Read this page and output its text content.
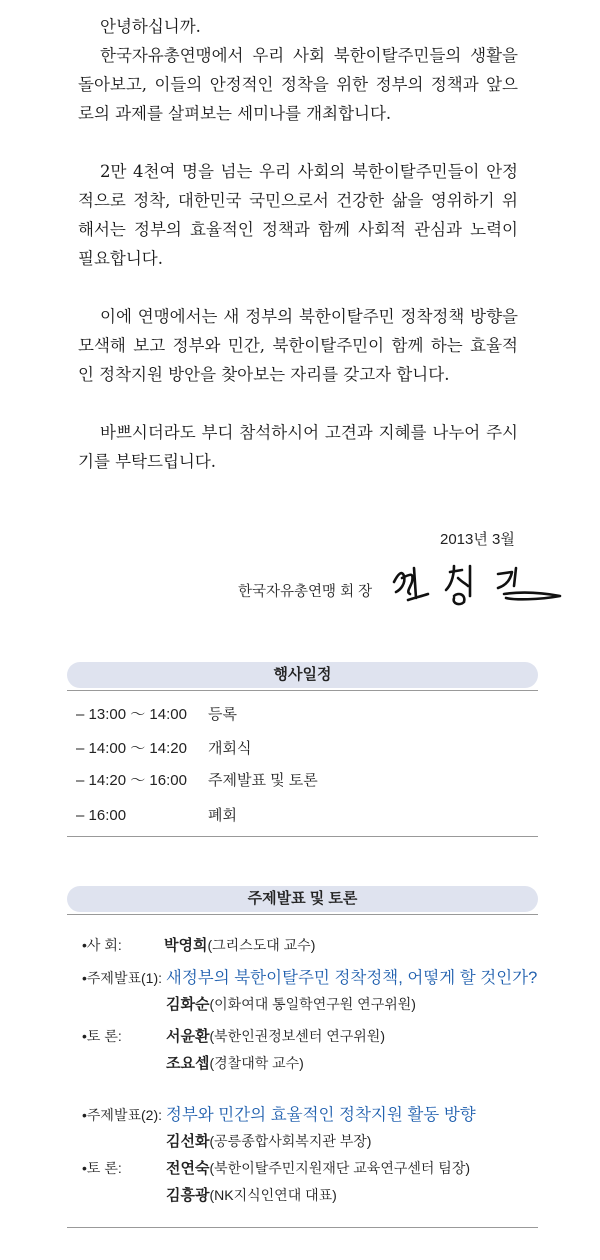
안녕하십니까.

한국자유총연맹에서 우리 사회 북한이탈주민들의 생활을 돌아보고, 이들의 안정적인 정착을 위한 정부의 정책과 앞으로의 과제를 살펴보는 세미나를 개최합니다.

2만 4천여 명을 넘는 우리 사회의 북한이탈주민들이 안정적으로 정착, 대한민국 국민으로서 건강한 삶을 영위하기 위해서는 정부의 효율적인 정책과 함께 사회적 관심과 노력이 필요합니다.

이에 연맹에서는 새 정부의 북한이탈주민 정착정책 방향을 모색해 보고 정부와 민간, 북한이탈주민이 함께 하는 효율적인 정착지원 방안을 찾아보는 자리를 갖고자 합니다.

바쁘시더라도 부디 참석하시어 고견과 지혜를 나누어 주시기를 부탁드립니다.

2013년 3월
한국자유총연맹 회 장
행사일정
– 13:00 ～ 14:00 등록
– 14:00 ～ 14:20 개회식
– 14:20 ～ 16:00 주제발표 및 토론
– 16:00	폐회
주제발표 및 토론
•사 회:	박영희(그리스도대 교수)
•주제발표(1): 새정부의 북한이탈주민 정착정책, 어떻게 할 것인가?
김화순(이화여대 통일학연구원 연구위원)
•토 론:	서윤환(북한인권정보센터 연구위원)
조요셉(경찰대학 교수)
•주제발표(2): 정부와 민간의 효율적인 정착지원 활동 방향
김선화(공릉종합사회복지관 부장)
•토 론:	전연숙(북한이탈주민지원재단 교육연구센터 팀장)
김흥광(NK지식인연대 대표)
